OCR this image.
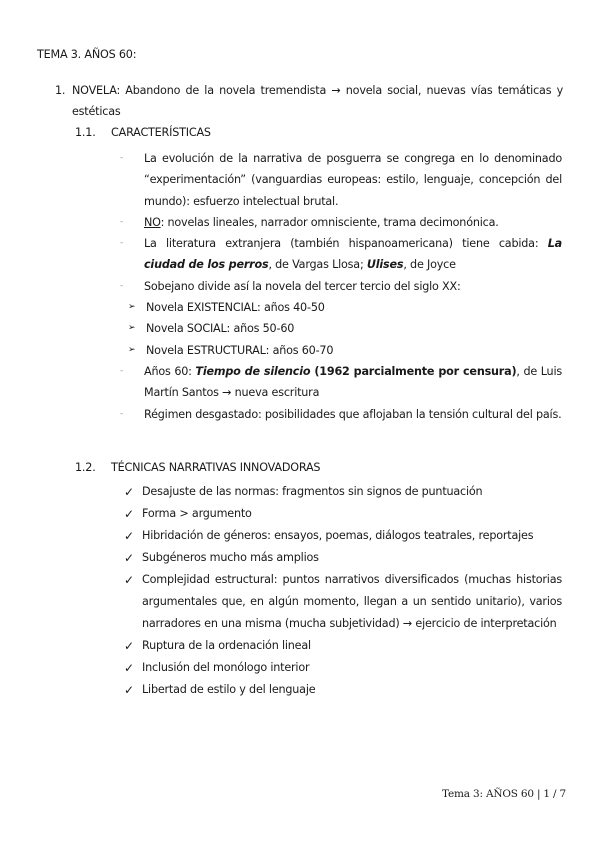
TEMA 3. AÑOS 60:
1. NOVELA: Abandono de la novela tremendista → novela social, nuevas vías temáticas y estéticas
1.1. CARACTERÍSTICAS
- La evolución de la narrativa de posguerra se congrega en lo denominado “experimentación” (vanguardias europeas: estilo, lenguaje, concepción del mundo): esfuerzo intelectual brutal.
- NO: novelas lineales, narrador omnisciente, trama decimonónica.
- La literatura extranjera (también hispanoamericana) tiene cabida: La ciudad de los perros, de Vargas Llosa; Ulises, de Joyce
- Sobejano divide así la novela del tercer tercio del siglo XX:
➢ Novela EXISTENCIAL: años 40-50
➢ Novela SOCIAL: años 50-60
➢ Novela ESTRUCTURAL: años 60-70
- Años 60: Tiempo de silencio (1962 parcialmente por censura), de Luis Martín Santos → nueva escritura
- Régimen desgastado: posibilidades que aflojaban la tensión cultural del país.
1.2. TÉCNICAS NARRATIVAS INNOVADORAS
✓ Desajuste de las normas: fragmentos sin signos de puntuación
✓ Forma > argumento
✓ Hibridación de géneros: ensayos, poemas, diálogos teatrales, reportajes
✓ Subgéneros mucho más amplios
✓ Complejidad estructural: puntos narrativos diversificados (muchas historias argumentales que, en algún momento, llegan a un sentido unitario), varios narradores en una misma (mucha subjetividad) → ejercicio de interpretación
✓ Ruptura de la ordenación lineal
✓ Inclusión del monólogo interior
✓ Libertad de estilo y del lenguaje
Tema 3: AÑOS 60 | 1 / 7
